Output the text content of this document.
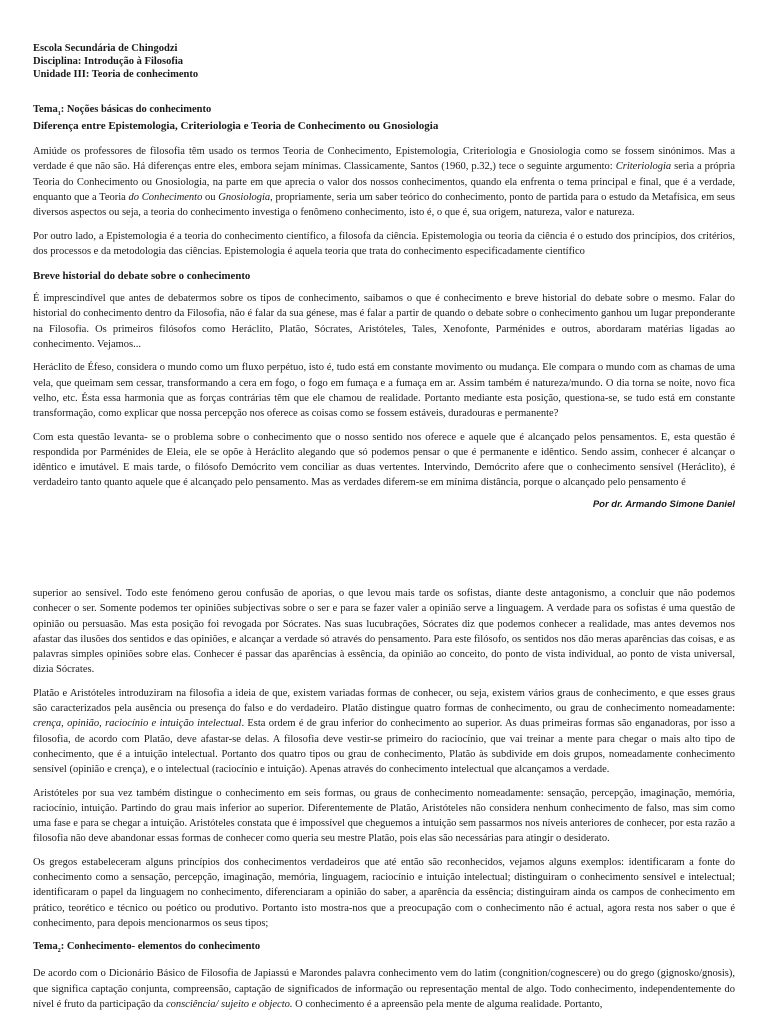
Escola Secundária de Chingodzi

Disciplina: Introdução à Filosofia

Unidade III: Teoria de conhecimento

Tema$_1$: Noções básicas do conhecimento

Diferença entre Epistemologia, Criteriologia e Teoria de Conhecimento ou Gnosiologia

Amiúde os professores de filosofia têm usado os termos Teoria de Conhecimento, Epistemologia, Criteriologia e Gnosiologia como se fossem sinónimos. Mas a verdade é que não são. Há diferenças entre eles, embora sejam mínimas. Classicamente, Santos (1960, p.32,) tece o seguinte argumento: Criteriologia seria a própria Teoria do Conhecimento ou Gnosiologia, na parte em que aprecia o valor dos nossos conhecimentos, quando ela enfrenta o tema principal e final, que é a verdade, enquanto que a Teoria do Conhecimento ou Gnosiologia, propriamente, seria um saber teórico do conhecimento, ponto de partida para o estudo da Metafísica, em seus diversos aspectos ou seja, a teoria do conhecimento investiga o fenômeno conhecimento, isto é, o que é, sua origem, natureza, valor e natureza.

Por outro lado, a Epistemologia é a teoria do conhecimento científico, a filosofa da ciência. Epistemologia ou teoria da ciência é o estudo dos princípios, dos critérios, dos processos e da metodologia das ciências. Epistemologia é aquela teoria que trata do conhecimento especificadamente científico

Breve historial do debate sobre o conhecimento

É imprescindível que antes de debatermos sobre os tipos de conhecimento, saibamos o que é conhecimento e breve historial do debate sobre o mesmo. Falar do historial do conhecimento dentro da Filosofia, não é falar da sua génese, mas é falar a partir de quando o debate sobre o conhecimento ganhou um lugar preponderante na Filosofia. Os primeiros filósofos como Heráclito, Platão, Sócrates, Aristóteles, Tales, Xenofonte, Parménides e outros, abordaram matérias ligadas ao conhecimento. Vejamos...

Heráclito de Éfeso, considera o mundo como um fluxo perpétuo, isto é, tudo está em constante movimento ou mudança. Ele compara o mundo com as chamas de uma vela, que queimam sem cessar, transformando a cera em fogo, o fogo em fumaça e a fumaça em ar. Assim também é natureza/mundo. O dia torna se noite, novo fica velho, etc. Ésta essa harmonia que as forças contrárias têm que ele chamou de realidade. Portanto mediante esta posição, questiona-se, se tudo está em constante transformação, como explicar que nossa percepção nos oferece as coisas como se fossem estáveis, duradouras e permanente?

Com esta questão levanta- se o problema sobre o conhecimento que o nosso sentido nos oferece e aquele que é alcançado pelos pensamentos. E, esta questão é respondida por Parménides de Eleia, ele se opõe à Heráclito alegando que só podemos pensar o que é permanente e idêntico. Sendo assim, conhecer é alcançar o idêntico e imutável. E mais tarde, o filósofo Demócrito vem conciliar as duas vertentes. Intervindo, Demócrito afere que o conhecimento sensível (Heráclito), é verdadeiro tanto quanto aquele que é alcançado pelo pensamento. Mas as verdades diferem-se em mínima distância, porque o alcançado pelo pensamento é

Por dr. Armando Simone Daniel

superior ao sensível. Todo este fenómeno gerou confusão de aporias, o que levou mais tarde os sofistas, diante deste antagonismo, a concluir que não podemos conhecer o ser. Somente podemos ter opiniões subjectivas sobre o ser e para se fazer valer a opinião serve a linguagem. A verdade para os sofistas é uma questão de opinião ou persuasão. Mas esta posição foi revogada por Sócrates. Nas suas lucubrações, Sócrates diz que podemos conhecer a realidade, mas antes devemos nos afastar das ilusões dos sentidos e das opiniões, e alcançar a verdade só através do pensamento. Para este filósofo, os sentidos nos dão meras aparências das coisas, e as palavras simples opiniões sobre elas. Conhecer é passar das aparências à essência, da opinião ao conceito, do ponto de vista individual, ao ponto de vista universal, dizia Sócrates.

Platão e Aristóteles introduziram na filosofia a ideia de que, existem variadas formas de conhecer, ou seja, existem vários graus de conhecimento, e que esses graus são caracterizados pela ausência ou presença do falso e do verdadeiro. Platão distingue quatro formas de conhecimento, ou grau de conhecimento nomeadamente: crença, opinião, raciocínio e intuição intelectual. Esta ordem é de grau inferior do conhecimento ao superior. As duas primeiras formas são enganadoras, por isso a filosofia, de acordo com Platão, deve afastar-se delas. A filosofia deve vestir-se primeiro do raciocínio, que vai treinar a mente para chegar o mais alto tipo de conhecimento, que é a intuição intelectual. Portanto dos quatro tipos ou grau de conhecimento, Platão às subdivide em dois grupos, nomeadamente conhecimento sensível (opinião e crença), e o intelectual (raciocínio e intuição). Apenas através do conhecimento intelectual que alcançamos a verdade.

Aristóteles por sua vez também distingue o conhecimento em seis formas, ou graus de conhecimento nomeadamente: sensação, percepção, imaginação, memória, raciocínio, intuição. Partindo do grau mais inferior ao superior. Diferentemente de Platão, Aristóteles não considera nenhum conhecimento de falso, mas sim como uma fase e para se chegar a intuição. Aristóteles constata que é impossível que cheguemos a intuição sem passarmos nos níveis anteriores de conhecer, por esta razão a filosofia não deve abandonar essas formas de conhecer como queria seu mestre Platão, pois elas são necessárias para atingir o desiderato.

Os gregos estabeleceram alguns princípios dos conhecimentos verdadeiros que até então são reconhecidos, vejamos alguns exemplos: identificaram a fonte do conhecimento como a sensação, percepção, imaginação, memória, linguagem, raciocínio e intuição intelectual; distinguiram o conhecimento sensível e intelectual; identificaram o papel da linguagem no conhecimento, diferenciaram a opinião do saber, a aparência da essência; distinguiram ainda os campos de conhecimento em prático, teorético e técnico ou poético ou produtivo. Portanto isto mostra-nos que a preocupação com o conhecimento não é actual, agora resta nos saber o que é conhecimento, para depois mencionarmos os seus tipos;

Tema$_2$: Conhecimento- elementos do conhecimento

De acordo com o Dicionário Básico de Filosofia de Japiassú e Marondes palavra conhecimento vem do latim (congnition/cognescere) ou do grego (gignosko/gnosis), que significa captação conjunta, compreensão, captação de significados de informação ou representação mental de algo. Todo conhecimento, independentemente do nível é fruto da participação da consciência/ sujeito e objecto. O conhecimento é a apreensão pela mente de alguma realidade. Portanto,
